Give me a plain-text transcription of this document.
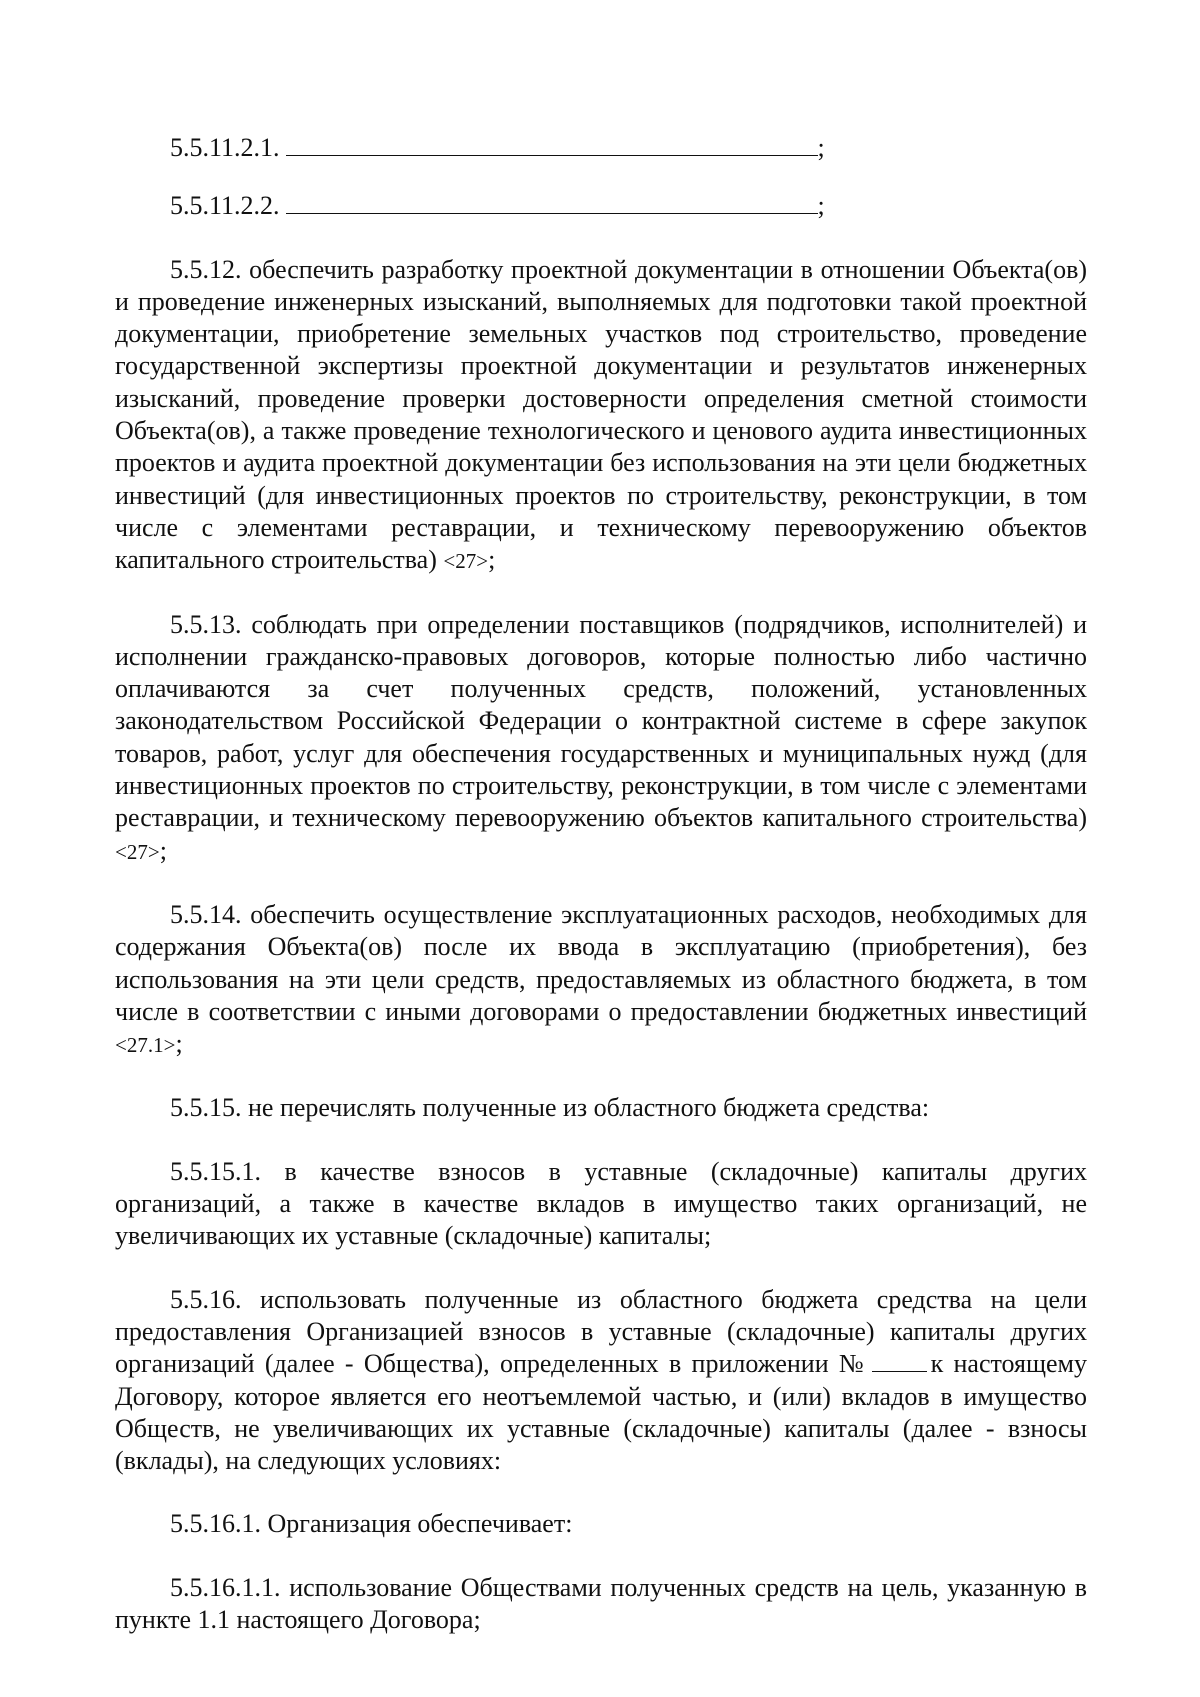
5.5.11.2.1.	;

5.5.11.2.2.	;

5.5.12. обеспечить разработку проектной документации в отношении Объекта(ов) и проведение инженерных изысканий, выполняемых для подготовки такой проектной документации, приобретение земельных участков под строительство, проведение государственной экспертизы проектной документации и результатов инженерных изысканий, проведение проверки достоверности определения сметной стоимости Объекта(ов), а также проведение технологического и ценового аудита инвестиционных проектов и аудита проектной документации без использования на эти цели бюджетных инвестиций (для инвестиционных проектов по строительству, реконструкции, в том числе с элементами реставрации, и техническому перевооружению объектов капитального строительства) <27>;

5.5.13. соблюдать при определении поставщиков (подрядчиков, исполнителей) и исполнении гражданско-правовых договоров, которые полностью либо частично оплачиваются за счет полученных средств, положений, установленных законодательством Российской Федерации о контрактной системе в сфере закупок товаров, работ, услуг для обеспечения государственных и муниципальных нужд (для инвестиционных проектов по строительству, реконструкции, в том числе с элементами реставрации, и техническому перевооружению объектов капитального строительства) <27>;

5.5.14. обеспечить осуществление эксплуатационных расходов, необходимых для содержания Объекта(ов) после их ввода в эксплуатацию (приобретения), без использования на эти цели средств, предоставляемых из областного бюджета, в том числе в соответствии с иными договорами о предоставлении бюджетных инвестиций <27.1>;

5.5.15. не перечислять полученные из областного бюджета средства:

5.5.15.1. в качестве взносов в уставные (складочные) капиталы других организаций, а также в качестве вкладов в имущество таких организаций, не увеличивающих их уставные (складочные) капиталы;

5.5.16. использовать полученные из областного бюджета средства на цели предоставления Организацией взносов в уставные (складочные) капиталы других организаций (далее - Общества), определенных в приложении № к настоящему Договору, которое является его неотъемлемой частью, и (или) вкладов в имущество Обществ, не увеличивающих их уставные (складочные) капиталы (далее - взносы (вклады), на следующих условиях:

5.5.16.1. Организация обеспечивает:

5.5.16.1.1. использование Обществами полученных средств на цель, указанную в пункте 1.1 настоящего Договора;
